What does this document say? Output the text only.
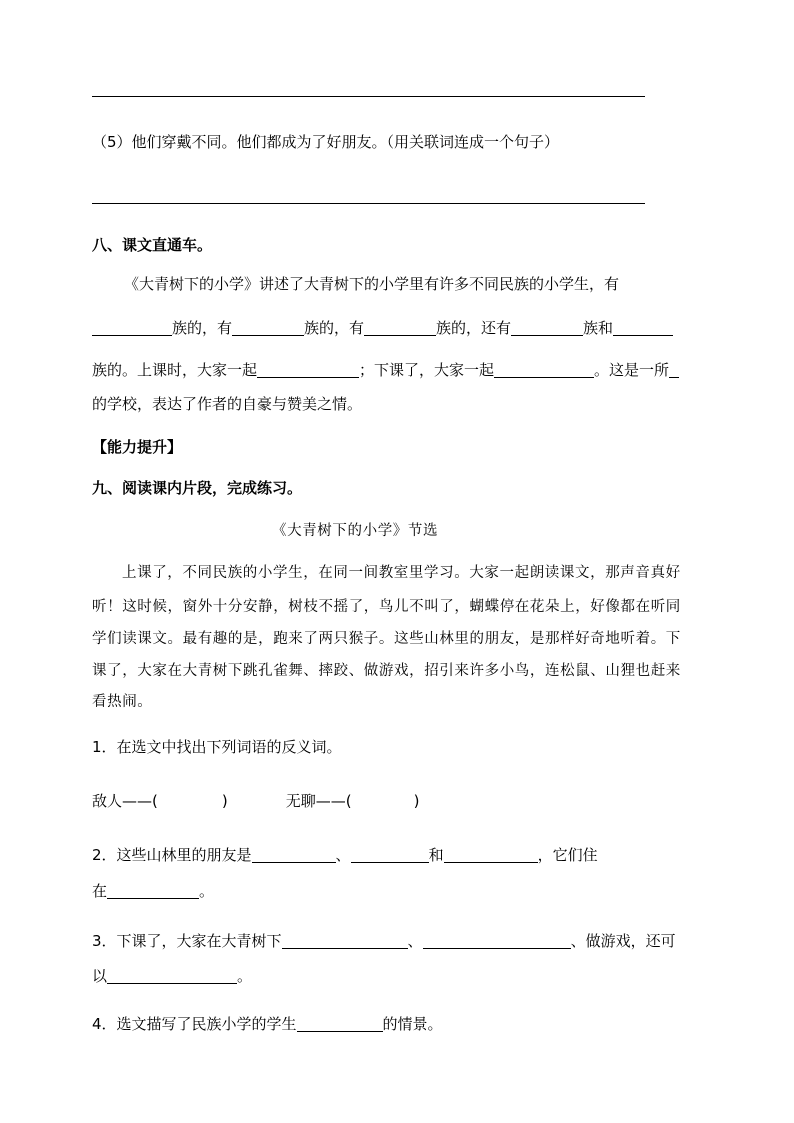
（5）他们穿戴不同。他们都成为了好朋友。（用关联词连成一个句子）
八、课文直通车。
《大青树下的小学》讲述了大青树下的小学里有许多不同民族的小学生，有
族的，有	族的，有	族的，还有	族和
族的。上课时，大家一起	；下课了，大家一起	。这是一所
的学校，表达了作者的自豪与赞美之情。
【能力提升】
九、阅读课内片段，完成练习。
《大青树下的小学》节选
上课了，不同民族的小学生，在同一间教室里学习。大家一起朗读课文，那声音真好
听！这时候，窗外十分安静，树枝不摇了，鸟儿不叫了，蝴蝶停在花朵上，好像都在听同
学们读课文。最有趣的是，跑来了两只猴子。这些山林里的朋友，是那样好奇地听着。下
课了，大家在大青树下跳孔雀舞、摔跤、做游戏，招引来许多小鸟，连松鼠、山狸也赶来
看热闹。
1．在选文中找出下列词语的反义词。
敌人——(	)	无聊——(	)
2．这些山林里的朋友是	、	和	，它们住
在	。
3．下课了，大家在大青树下	、	、做游戏，还可
以	。
4．选文描写了民族小学的学生	的情景。
